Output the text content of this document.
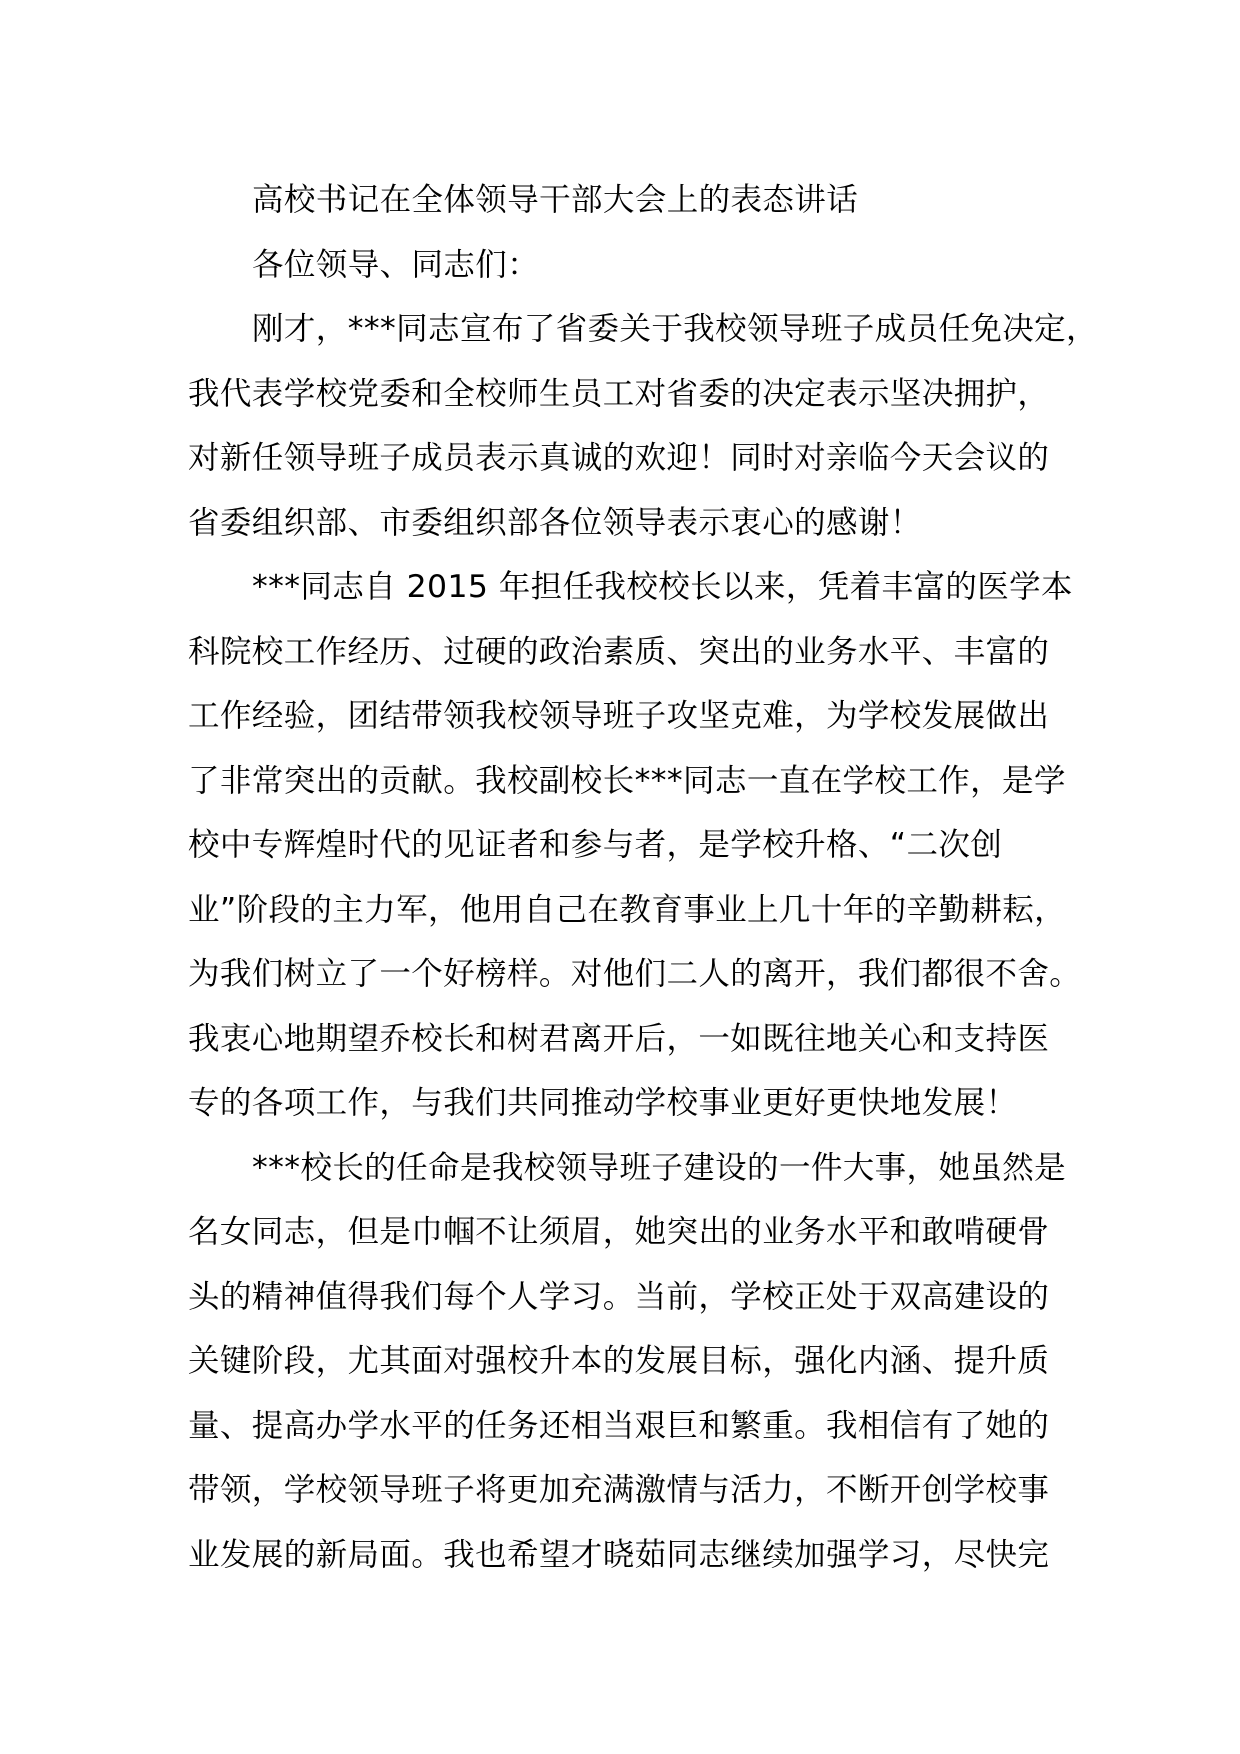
高校书记在全体领导干部大会上的表态讲话
各位领导、同志们：
刚才，***同志宣布了省委关于我校领导班子成员任免决定，
我代表学校党委和全校师生员工对省委的决定表示坚决拥护，
对新任领导班子成员表示真诚的欢迎！同时对亲临今天会议的
省委组织部、市委组织部各位领导表示衷心的感谢！
***同志自 2015 年担任我校校长以来，凭着丰富的医学本
科院校工作经历、过硬的政治素质、突出的业务水平、丰富的
工作经验，团结带领我校领导班子攻坚克难，为学校发展做出
了非常突出的贡献。我校副校长***同志一直在学校工作，是学
校中专辉煌时代的见证者和参与者，是学校升格、“二次创
业”阶段的主力军，他用自己在教育事业上几十年的辛勤耕耘，
为我们树立了一个好榜样。对他们二人的离开，我们都很不舍。
我衷心地期望乔校长和树君离开后，一如既往地关心和支持医
专的各项工作，与我们共同推动学校事业更好更快地发展！
***校长的任命是我校领导班子建设的一件大事，她虽然是
名女同志，但是巾帼不让须眉，她突出的业务水平和敢啃硬骨
头的精神值得我们每个人学习。当前，学校正处于双高建设的
关键阶段，尤其面对强校升本的发展目标，强化内涵、提升质
量、提高办学水平的任务还相当艰巨和繁重。我相信有了她的
带领，学校领导班子将更加充满激情与活力，不断开创学校事
业发展的新局面。我也希望才晓茹同志继续加强学习，尽快完
